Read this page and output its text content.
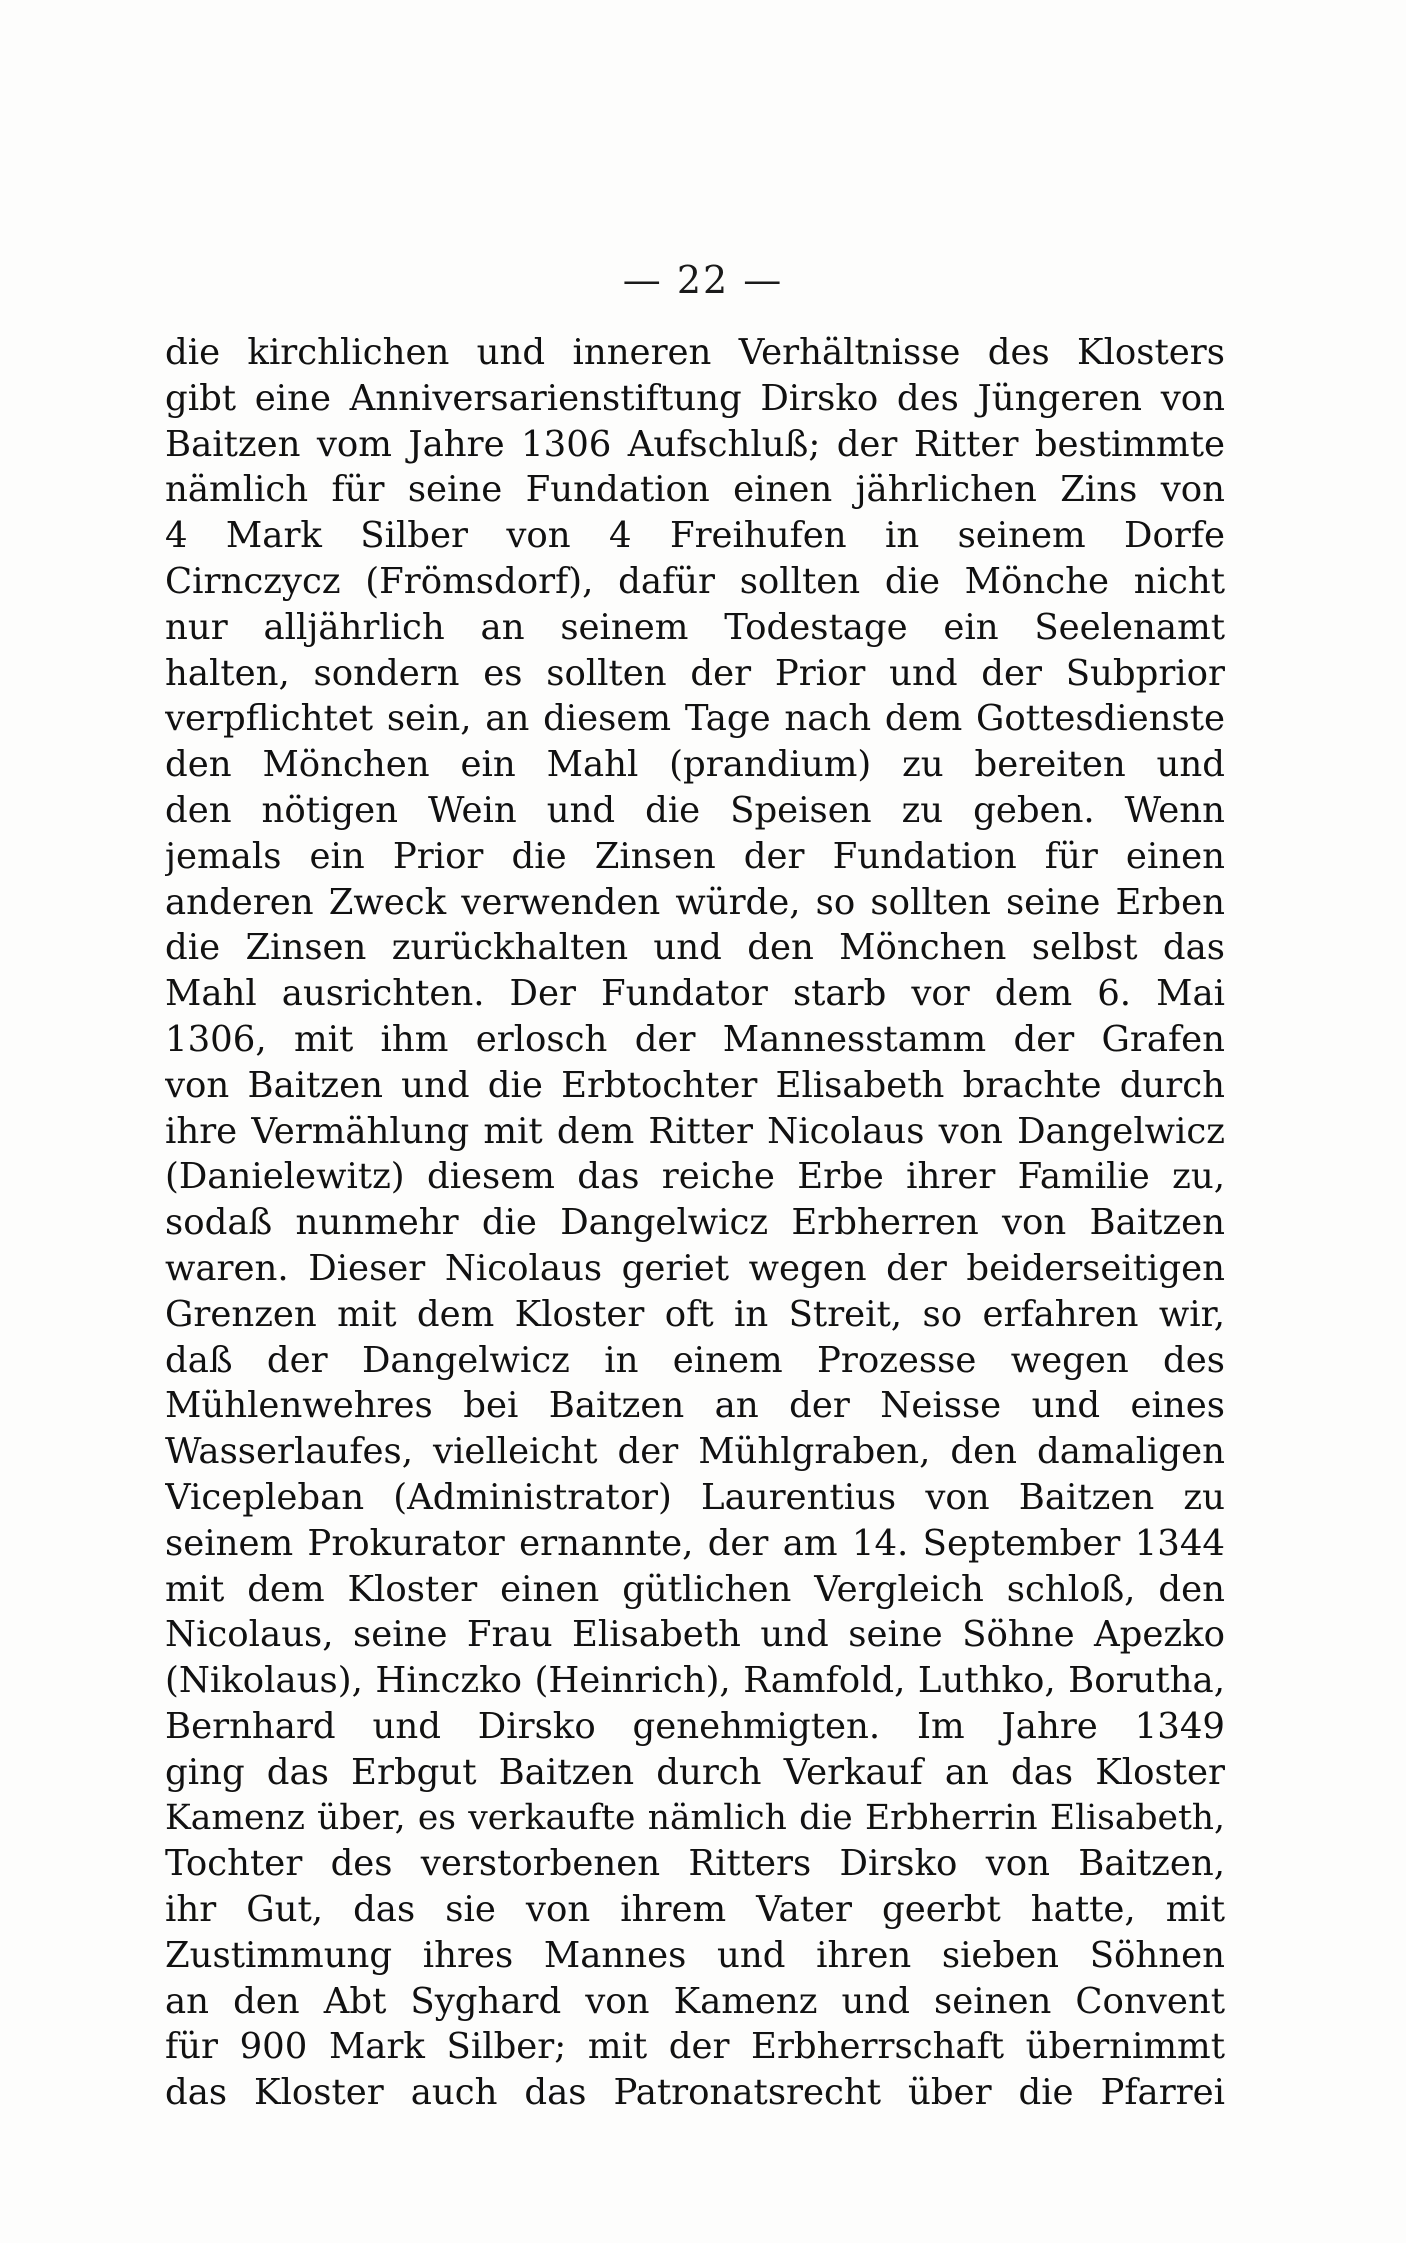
— 22 —
die kirchlichen und inneren Verhältnisse des Klosters
gibt eine Anniversarienstiftung Dirsko des Jüngeren von
Baitzen vom Jahre 1306 Aufschluß; der Ritter bestimmte
nämlich für seine Fundation einen jährlichen Zins von
4 Mark Silber von 4 Freihufen in seinem Dorfe
Cirnczycz (Frömsdorf), dafür sollten die Mönche nicht
nur alljährlich an seinem Todestage ein Seelenamt
halten, sondern es sollten der Prior und der Subprior
verpflichtet sein, an diesem Tage nach dem Gottesdienste
den Mönchen ein Mahl (prandium) zu bereiten und
den nötigen Wein und die Speisen zu geben. Wenn
jemals ein Prior die Zinsen der Fundation für einen
anderen Zweck verwenden würde, so sollten seine Erben
die Zinsen zurückhalten und den Mönchen selbst das
Mahl ausrichten. Der Fundator starb vor dem 6. Mai
1306, mit ihm erlosch der Mannesstamm der Grafen
von Baitzen und die Erbtochter Elisabeth brachte durch
ihre Vermählung mit dem Ritter Nicolaus von Dangelwicz
(Danielewitz) diesem das reiche Erbe ihrer Familie zu,
sodaß nunmehr die Dangelwicz Erbherren von Baitzen
waren. Dieser Nicolaus geriet wegen der beiderseitigen
Grenzen mit dem Kloster oft in Streit, so erfahren wir,
daß der Dangelwicz in einem Prozesse wegen des
Mühlenwehres bei Baitzen an der Neisse und eines
Wasserlaufes, vielleicht der Mühlgraben, den damaligen
Vicepleban (Administrator) Laurentius von Baitzen zu
seinem Prokurator ernannte, der am 14. September 1344
mit dem Kloster einen gütlichen Vergleich schloß, den
Nicolaus, seine Frau Elisabeth und seine Söhne Apezko
(Nikolaus), Hinczko (Heinrich), Ramfold, Luthko, Borutha,
Bernhard und Dirsko genehmigten. Im Jahre 1349
ging das Erbgut Baitzen durch Verkauf an das Kloster
Kamenz über, es verkaufte nämlich die Erbherrin Elisabeth,
Tochter des verstorbenen Ritters Dirsko von Baitzen,
ihr Gut, das sie von ihrem Vater geerbt hatte, mit
Zustimmung ihres Mannes und ihren sieben Söhnen
an den Abt Syghard von Kamenz und seinen Convent
für 900 Mark Silber; mit der Erbherrschaft übernimmt
das Kloster auch das Patronatsrecht über die Pfarrei
